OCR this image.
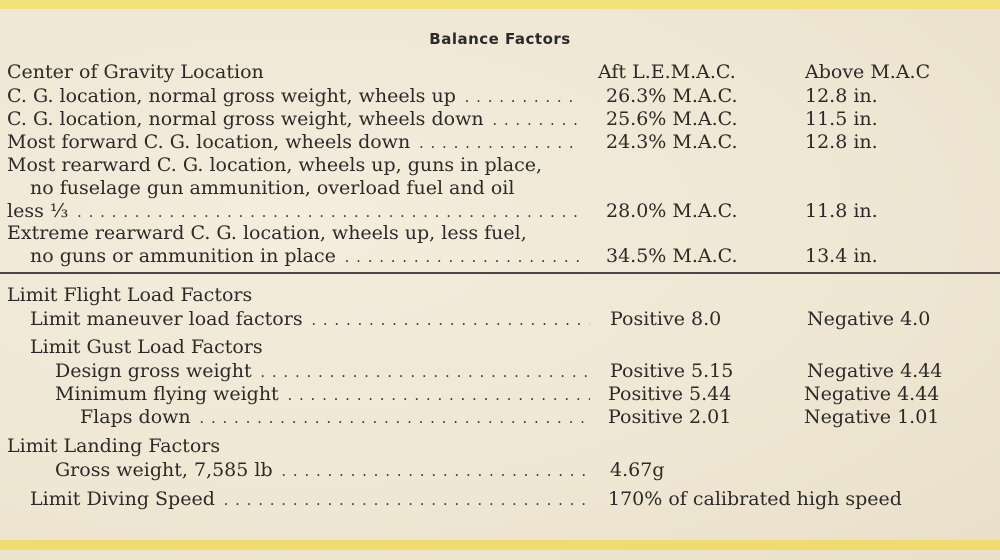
Balance Factors
Center of Gravity Location	Aft L.E.M.A.C.	Above M.A.C
C. G. location, normal gross weight, wheels up . . .	26.3% M.A.C.	12.8 in.
C. G. location, normal gross weight, wheels down . . .	25.6% M.A.C.	11.5 in.
Most forward C. G. location, wheels down . . .	24.3% M.A.C.	12.8 in.
Most rearward C. G. location, wheels up, guns in place,
no fuselage gun ammunition, overload fuel and oil
less ⅓ . . .	28.0% M.A.C.	11.8 in.
Extreme rearward C. G. location, wheels up, less fuel,
no guns or ammunition in place . . .	34.5% M.A.C.	13.4 in.
Limit Flight Load Factors
Limit maneuver load factors . . .	Positive 8.0	Negative 4.0
Limit Gust Load Factors
Design gross weight . . .	Positive 5.15	Negative 4.44
Minimum flying weight . . .	Positive 5.44	Negative 4.44
Flaps down . . .	Positive 2.01	Negative 1.01
Limit Landing Factors
Gross weight, 7,585 lb . . .	4.67g
Limit Diving Speed . . .	170% of calibrated high speed
